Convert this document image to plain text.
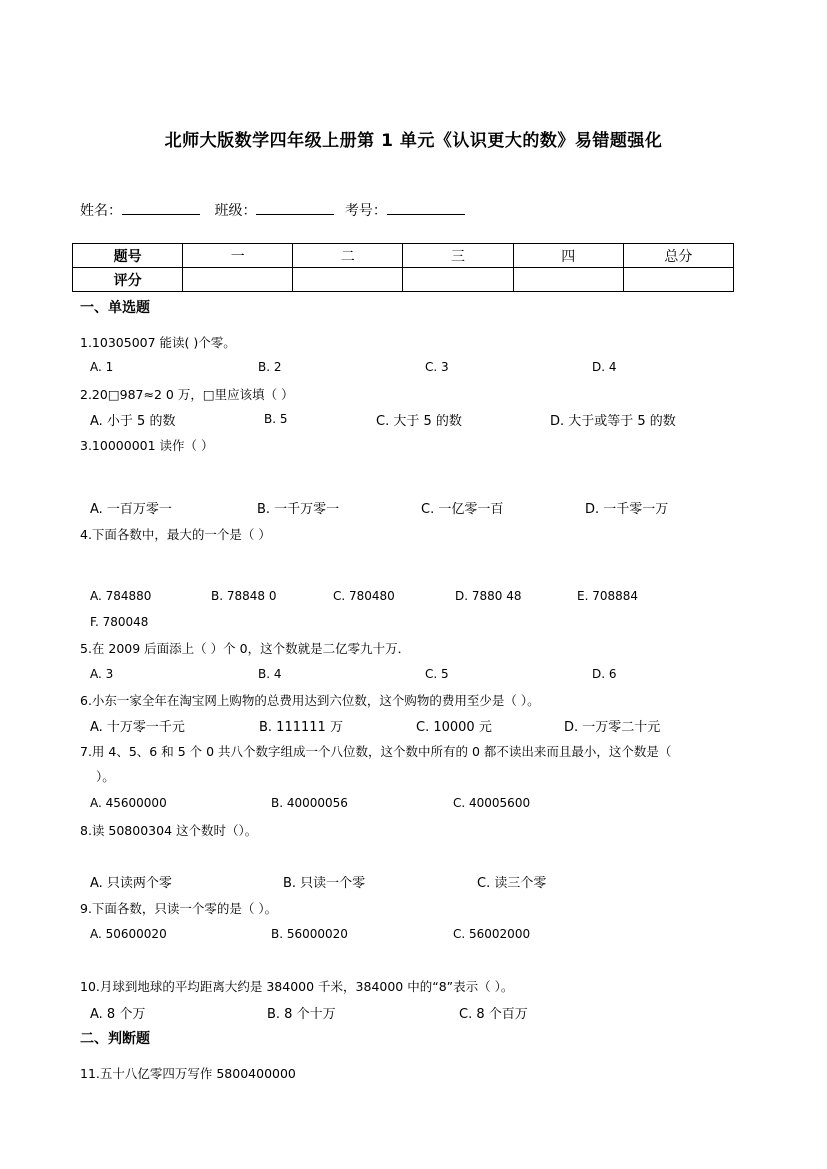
北师大版数学四年级上册第 1 单元《认识更大的数》易错题强化
姓名：	班级：	考号：
题号	一	二	三	四	总分
评分					
一、单选题
1.10305007 能读( )个零。
A. 1	B. 2	C. 3	D. 4
2.20□987≈2 0 万，□里应该填（ ）
A. 小于 5 的数	B. 5	C. 大于 5 的数	D. 大于或等于 5 的数
3.10000001 读作（ ）
A. 一百万零一	B. 一千万零一	C. 一亿零一百	D. 一千零一万
4.下面各数中，最大的一个是（ ）
A. 784880	B. 78848 0	C. 780480	D. 7880 48	E. 708884
F. 780048
5.在 2009 后面添上（ ）个 0，这个数就是二亿零九十万．
A. 3	B. 4	C. 5	D. 6
6.小东一家全年在淘宝网上购物的总费用达到六位数，这个购物的费用至少是（ ）。
A. 十万零一千元	B. 111111 万	C. 10000 元	D. 一万零二十元
7.用 4、5、6 和 5 个 0 共八个数字组成一个八位数，这个数中所有的 0 都不读出来而且最小，这个数是（
）。
A. 45600000	B. 40000056	C. 40005600
8.读 50800304 这个数时（）。
A. 只读两个零	B. 只读一个零	C. 读三个零
9.下面各数，只读一个零的是（ ）。
A. 50600020	B. 56000020	C. 56002000
10.月球到地球的平均距离大约是 384000 千米，384000 中的“8”表示（ ）。
A. 8 个万	B. 8 个十万	C. 8 个百万
二、判断题
11.五十八亿零四万写作 5800400000
